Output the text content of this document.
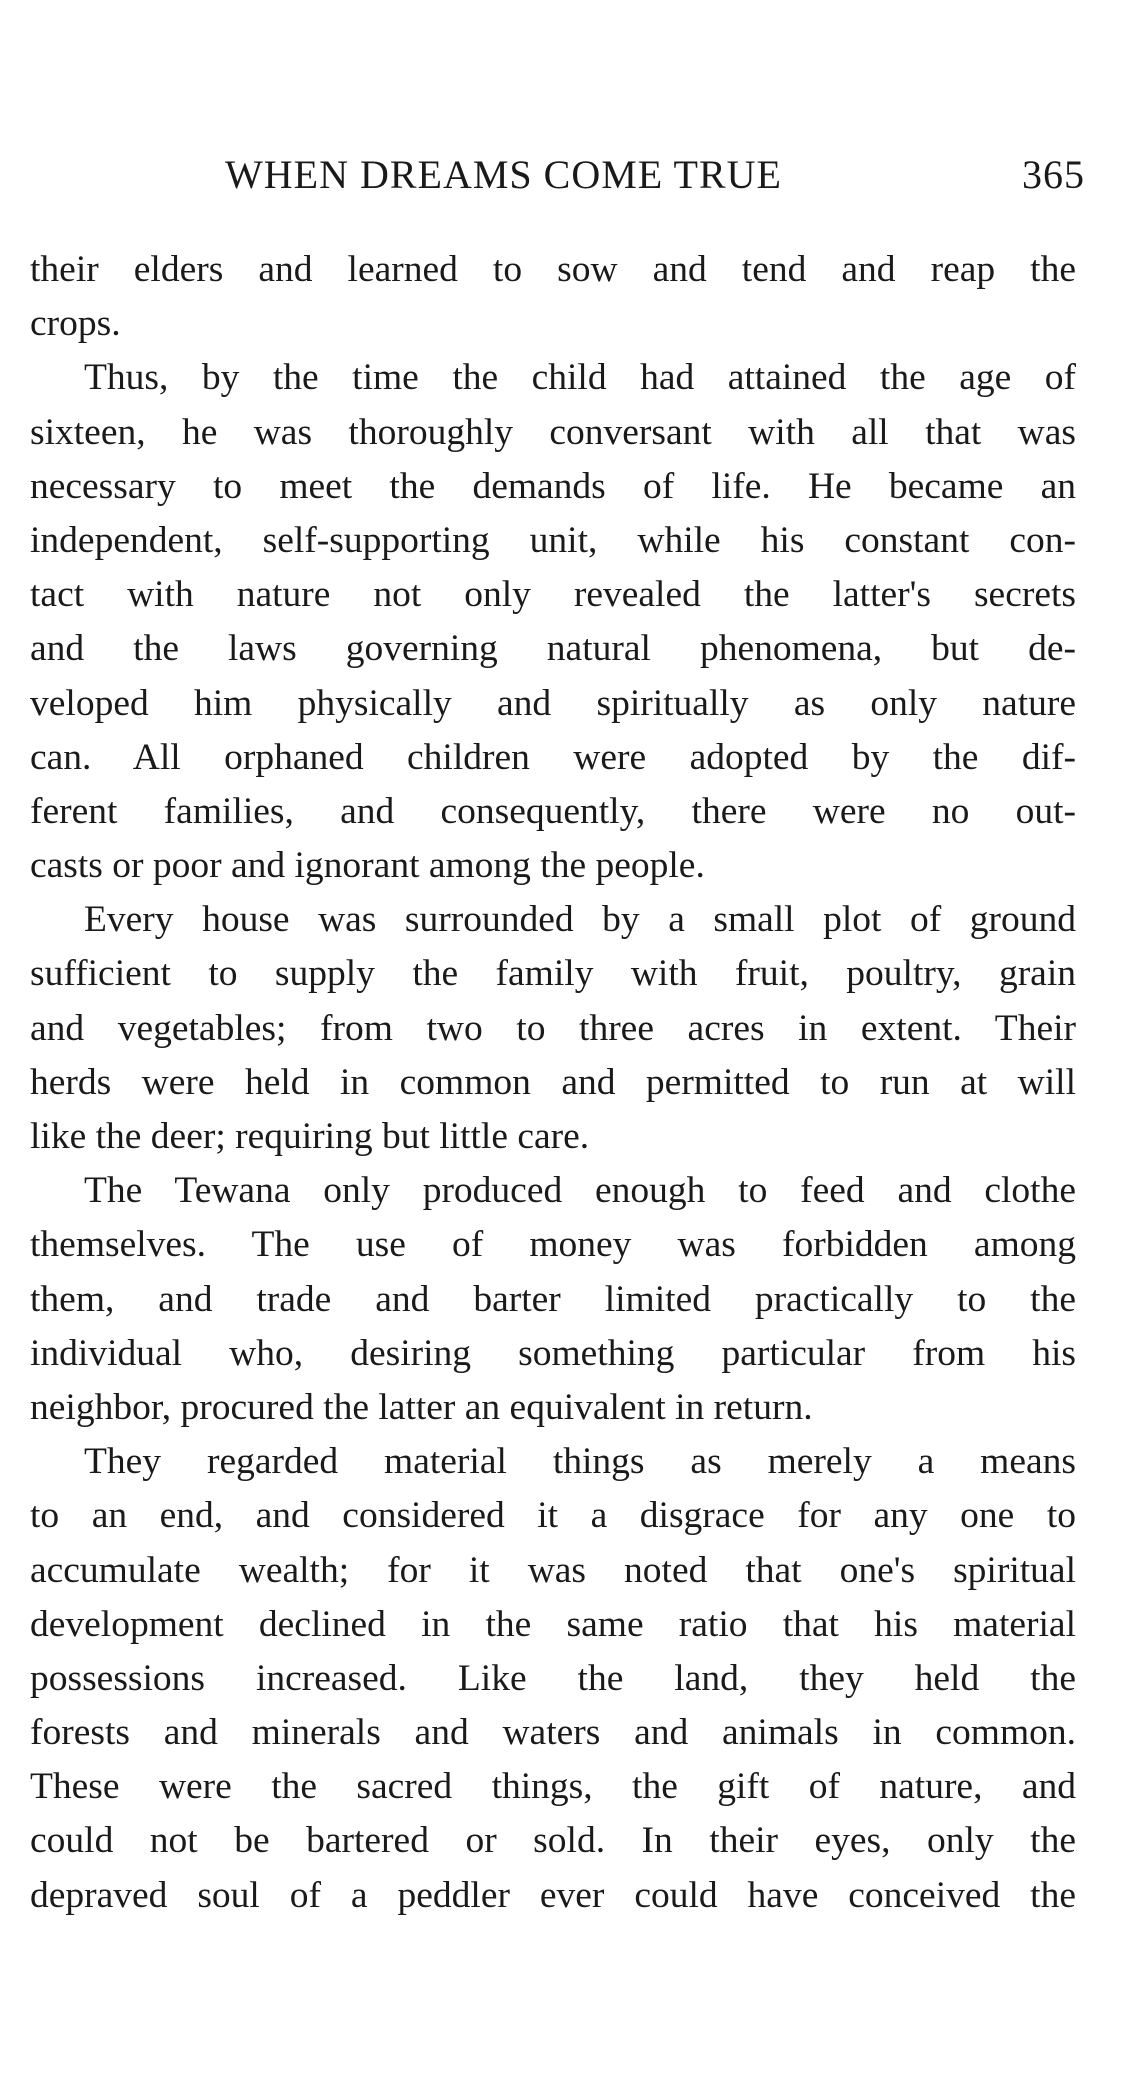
WHEN DREAMS COME TRUE	365
their elders and learned to sow and tend and reap the
crops.
Thus, by the time the child had attained the age of
sixteen, he was thoroughly conversant with all that was
necessary to meet the demands of life. He became an
independent, self-supporting unit, while his constant con-
tact with nature not only revealed the latter's secrets
and the laws governing natural phenomena, but de-
veloped him physically and spiritually as only nature
can. All orphaned children were adopted by the dif-
ferent families, and consequently, there were no out-
casts or poor and ignorant among the people.
Every house was surrounded by a small plot of ground
sufficient to supply the family with fruit, poultry, grain
and vegetables; from two to three acres in extent. Their
herds were held in common and permitted to run at will
like the deer; requiring but little care.
The Tewana only produced enough to feed and clothe
themselves. The use of money was forbidden among
them, and trade and barter limited practically to the
individual who, desiring something particular from his
neighbor, procured the latter an equivalent in return.
They regarded material things as merely a means
to an end, and considered it a disgrace for any one to
accumulate wealth; for it was noted that one's spiritual
development declined in the same ratio that his material
possessions increased. Like the land, they held the
forests and minerals and waters and animals in common.
These were the sacred things, the gift of nature, and
could not be bartered or sold. In their eyes, only the
depraved soul of a peddler ever could have conceived the
